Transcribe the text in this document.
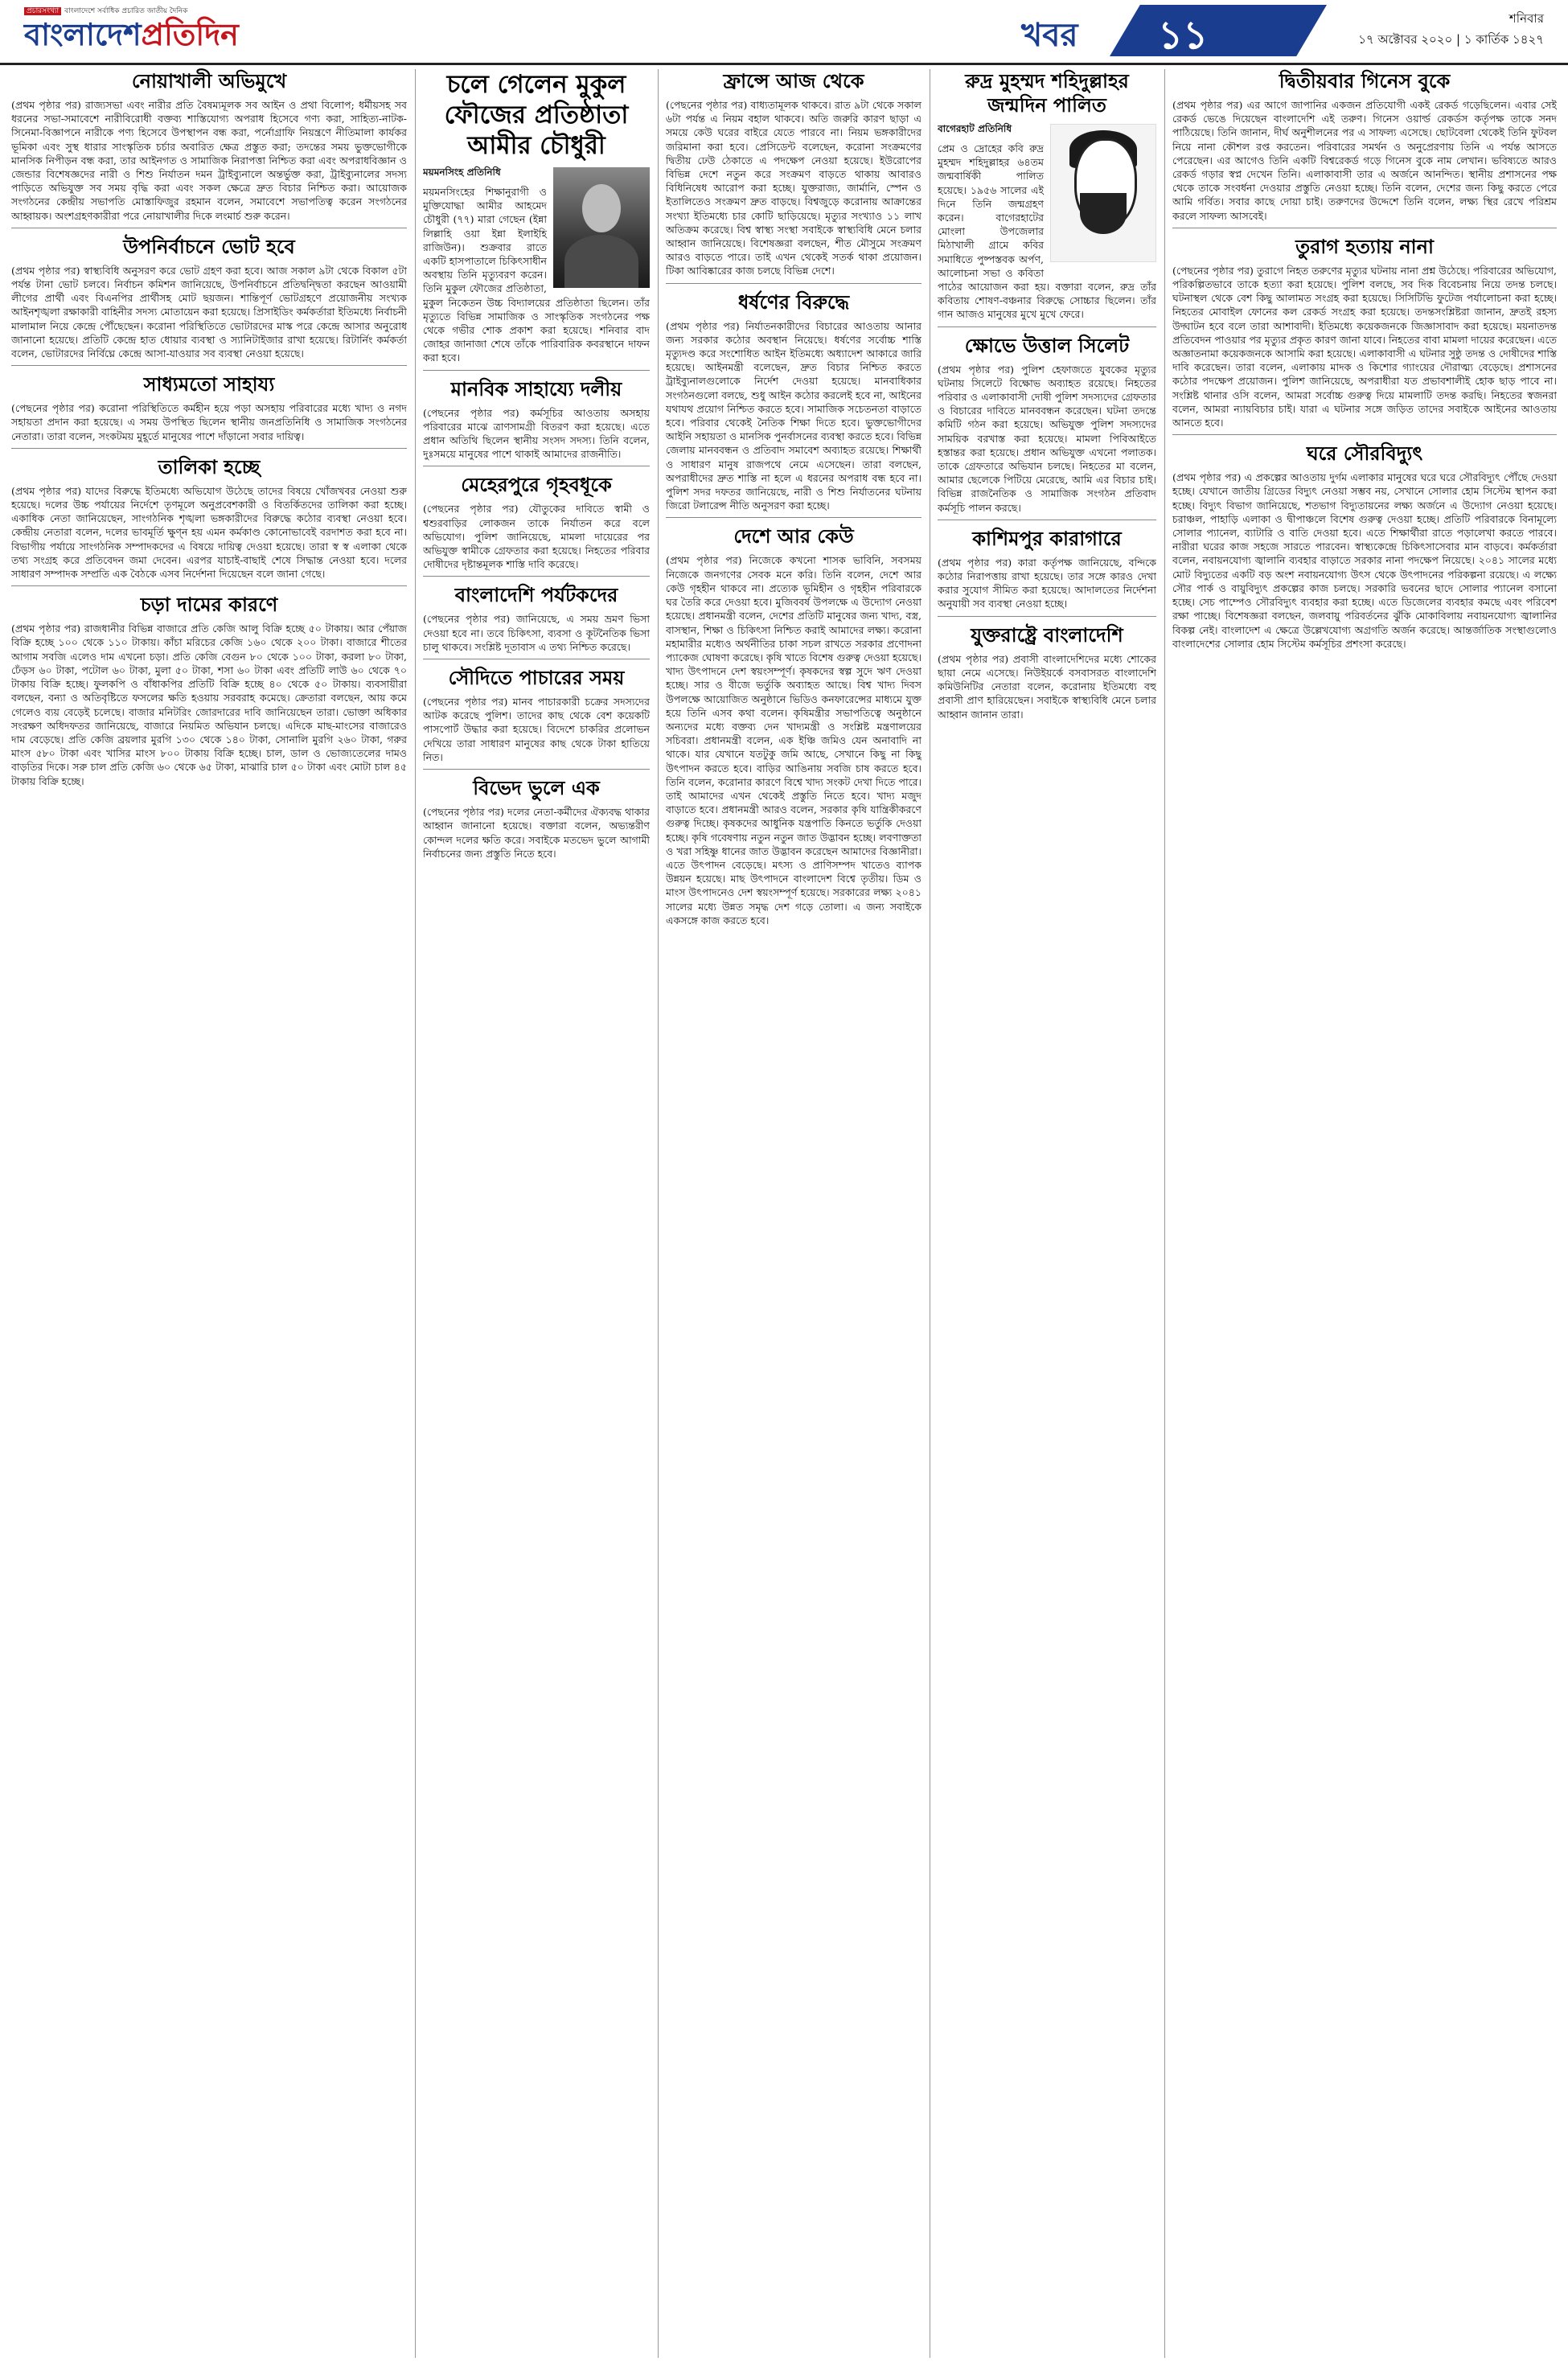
প্রচারসংখ্যা বাংলাদেশে সর্বাধিক প্রচারিত জাতীয় দৈনিক
বাংলাদেশপ্রতিদিন	খবর ১১	শনিবার
১৭ অক্টোবর ২০২০ | ১ কার্তিক ১৪২৭
নোয়াখালী অভিমুখে

(প্রথম পৃষ্ঠার পর) রাজ্যসভা এবং নারীর প্রতি বৈষম্যমূলক সব আইন ও প্রথা বিলোপ; ধর্মীয়সহ সব ধরনের সভা-সমাবেশে নারীবিরোধী বক্তব্য শাস্তিযোগ্য অপরাধ হিসেবে গণ্য করা, সাহিত্য-নাটক-সিনেমা-বিজ্ঞাপনে নারীকে পণ্য হিসেবে উপস্থাপন বন্ধ করা, পর্নোগ্রাফি নিয়ন্ত্রণে নীতিমালা কার্যকর ভূমিকা এবং সুস্থ ধারার সাংস্কৃতিক চর্চার অবারিত ক্ষেত্র প্রস্তুত করা; তদন্তের সময় ভুক্তভোগীকে মানসিক নিপীড়ন বন্ধ করা, তার আইনগত ও সামাজিক নিরাপত্তা নিশ্চিত করা এবং অপরাধবিজ্ঞান ও জেন্ডার বিশেষজ্ঞদের নারী ও শিশু নির্যাতন দমন ট্রাইব্যুনালে অন্তর্ভুক্ত করা, ট্রাইব্যুনালের সদস্য পাড়িতে অভিযুক্ত সব সময় বৃদ্ধি করা এবং সকল ক্ষেত্রে দ্রুত বিচার নিশ্চিত করা। আয়োজক সংগঠনের কেন্দ্রীয় সভাপতি মোস্তাফিজুর রহমান বলেন, সমাবেশে সভাপতিত্ব করেন সংগঠনের আহ্বায়ক। অংশগ্রহণকারীরা পরে নোয়াখালীর দিকে লংমার্চ শুরু করেন।

উপনির্বাচনে ভোট হবে

(প্রথম পৃষ্ঠার পর) স্বাস্থ্যবিধি অনুসরণ করে ভোট গ্রহণ করা হবে। আজ সকাল ৯টা থেকে বিকাল ৫টা পর্যন্ত টানা ভোট চলবে। নির্বাচন কমিশন জানিয়েছে, উপনির্বাচনে প্রতিদ্বন্দ্বিতা করছেন আওয়ামী লীগের প্রার্থী এবং বিএনপির প্রার্থীসহ মোট ছয়জন। শান্তিপূর্ণ ভোটগ্রহণে প্রয়োজনীয় সংখ্যক আইনশৃঙ্খলা রক্ষাকারী বাহিনীর সদস্য মোতায়েন করা হয়েছে। প্রিসাইডিং কর্মকর্তারা ইতিমধ্যে নির্বাচনী মালামাল নিয়ে কেন্দ্রে পৌঁছেছেন। করোনা পরিস্থিতিতে ভোটারদের মাস্ক পরে কেন্দ্রে আসার অনুরোধ জানানো হয়েছে। প্রতিটি কেন্দ্রে হাত ধোয়ার ব্যবস্থা ও স্যানিটাইজার রাখা হয়েছে। রিটার্নিং কর্মকর্তা বলেন, ভোটারদের নির্বিঘ্নে কেন্দ্রে আসা-যাওয়ার সব ব্যবস্থা নেওয়া হয়েছে।

সাধ্যমতো সাহায্য

(পেছনের পৃষ্ঠার পর) করোনা পরিস্থিতিতে কর্মহীন হয়ে পড়া অসহায় পরিবারের মধ্যে খাদ্য ও নগদ সহায়তা প্রদান করা হয়েছে। এ সময় উপস্থিত ছিলেন স্থানীয় জনপ্রতিনিধি ও সামাজিক সংগঠনের নেতারা। তারা বলেন, সংকটময় মুহূর্তে মানুষের পাশে দাঁড়ানো সবার দায়িত্ব।

তালিকা হচ্ছে

(প্রথম পৃষ্ঠার পর) যাদের বিরুদ্ধে ইতিমধ্যে অভিযোগ উঠেছে তাদের বিষয়ে খোঁজখবর নেওয়া শুরু হয়েছে। দলের উচ্চ পর্যায়ের নির্দেশে তৃণমূলে অনুপ্রবেশকারী ও বিতর্কিতদের তালিকা করা হচ্ছে। একাধিক নেতা জানিয়েছেন, সাংগঠনিক শৃঙ্খলা ভঙ্গকারীদের বিরুদ্ধে কঠোর ব্যবস্থা নেওয়া হবে। কেন্দ্রীয় নেতারা বলেন, দলের ভাবমূর্তি ক্ষুণ্ন হয় এমন কর্মকাণ্ড কোনোভাবেই বরদাশত করা হবে না। বিভাগীয় পর্যায়ে সাংগঠনিক সম্পাদকদের এ বিষয়ে দায়িত্ব দেওয়া হয়েছে। তারা স্ব স্ব এলাকা থেকে তথ্য সংগ্রহ করে প্রতিবেদন জমা দেবেন। এরপর যাচাই-বাছাই শেষে সিদ্ধান্ত নেওয়া হবে। দলের সাধারণ সম্পাদক সম্প্রতি এক বৈঠকে এসব নির্দেশনা দিয়েছেন বলে জানা গেছে।

চড়া দামের কারণে

(প্রথম পৃষ্ঠার পর) রাজধানীর বিভিন্ন বাজারে প্রতি কেজি আলু বিক্রি হচ্ছে ৫০ টাকায়। আর পেঁয়াজ বিক্রি হচ্ছে ১০০ থেকে ১১০ টাকায়। কাঁচা মরিচের কেজি ১৬০ থেকে ২০০ টাকা। বাজারে শীতের আগাম সবজি এলেও দাম এখনো চড়া। প্রতি কেজি বেগুন ৮০ থেকে ১০০ টাকা, করলা ৮০ টাকা, ঢেঁড়স ৬০ টাকা, পটোল ৬০ টাকা, মুলা ৫০ টাকা, শসা ৬০ টাকা এবং প্রতিটি লাউ ৬০ থেকে ৭০ টাকায় বিক্রি হচ্ছে। ফুলকপি ও বাঁধাকপির প্রতিটি বিক্রি হচ্ছে ৪০ থেকে ৫০ টাকায়। ব্যবসায়ীরা বলছেন, বন্যা ও অতিবৃষ্টিতে ফসলের ক্ষতি হওয়ায় সরবরাহ কমেছে। ক্রেতারা বলছেন, আয় কমে গেলেও ব্যয় বেড়েই চলেছে। বাজার মনিটরিং জোরদারের দাবি জানিয়েছেন তারা। ভোক্তা অধিকার সংরক্ষণ অধিদফতর জানিয়েছে, বাজারে নিয়মিত অভিযান চলছে। এদিকে মাছ-মাংসের বাজারেও দাম বেড়েছে। প্রতি কেজি ব্রয়লার মুরগি ১৩০ থেকে ১৪০ টাকা, সোনালি মুরগি ২৬০ টাকা, গরুর মাংস ৫৮০ টাকা এবং খাসির মাংস ৮০০ টাকায় বিক্রি হচ্ছে। চাল, ডাল ও ভোজ্যতেলের দামও বাড়তির দিকে। সরু চাল প্রতি কেজি ৬০ থেকে ৬৫ টাকা, মাঝারি চাল ৫০ টাকা এবং মোটা চাল ৪৫ টাকায় বিক্রি হচ্ছে।

চলে গেলেন মুকুল ফৌজের প্রতিষ্ঠাতা আমীর চৌধুরী
ময়মনসিংহ প্রতিনিধি

ময়মনসিংহের শিক্ষানুরাগী ও মুক্তিযোদ্ধা আমীর আহমেদ চৌধুরী (৭৭) মারা গেছেন (ইন্না লিল্লাহি ওয়া ইন্না ইলাইহি রাজিউন)। শুক্রবার রাতে একটি হাসপাতালে চিকিৎসাধীন অবস্থায় তিনি মৃত্যুবরণ করেন। তিনি মুকুল ফৌজের প্রতিষ্ঠাতা, মুকুল নিকেতন উচ্চ বিদ্যালয়ের প্রতিষ্ঠাতা ছিলেন। তাঁর মৃত্যুতে বিভিন্ন সামাজিক ও সাংস্কৃতিক সংগঠনের পক্ষ থেকে গভীর শোক প্রকাশ করা হয়েছে। শনিবার বাদ জোহর জানাজা শেষে তাঁকে পারিবারিক কবরস্থানে দাফন করা হবে।

মানবিক সাহায্যে দলীয়

(পেছনের পৃষ্ঠার পর) কর্মসূচির আওতায় অসহায় পরিবারের মাঝে ত্রাণসামগ্রী বিতরণ করা হয়েছে। এতে প্রধান অতিথি ছিলেন স্থানীয় সংসদ সদস্য। তিনি বলেন, দুঃসময়ে মানুষের পাশে থাকাই আমাদের রাজনীতি।

মেহেরপুরে গৃহবধূকে

(পেছনের পৃষ্ঠার পর) যৌতুকের দাবিতে স্বামী ও শ্বশুরবাড়ির লোকজন তাকে নির্যাতন করে বলে অভিযোগ। পুলিশ জানিয়েছে, মামলা দায়েরের পর অভিযুক্ত স্বামীকে গ্রেফতার করা হয়েছে। নিহতের পরিবার দোষীদের দৃষ্টান্তমূলক শাস্তি দাবি করেছে।

বাংলাদেশি পর্যটকদের

(পেছনের পৃষ্ঠার পর) জানিয়েছে, এ সময় ভ্রমণ ভিসা দেওয়া হবে না। তবে চিকিৎসা, ব্যবসা ও কূটনৈতিক ভিসা চালু থাকবে। সংশ্লিষ্ট দূতাবাস এ তথ্য নিশ্চিত করেছে।

সৌদিতে পাচারের সময়

(পেছনের পৃষ্ঠার পর) মানব পাচারকারী চক্রের সদস্যদের আটক করেছে পুলিশ। তাদের কাছ থেকে বেশ কয়েকটি পাসপোর্ট উদ্ধার করা হয়েছে। বিদেশে চাকরির প্রলোভন দেখিয়ে তারা সাধারণ মানুষের কাছ থেকে টাকা হাতিয়ে নিত।

বিভেদ ভুলে এক

(পেছনের পৃষ্ঠার পর) দলের নেতা-কর্মীদের ঐক্যবদ্ধ থাকার আহ্বান জানানো হয়েছে। বক্তারা বলেন, অভ্যন্তরীণ কোন্দল দলের ক্ষতি করে। সবাইকে মতভেদ ভুলে আগামী নির্বাচনের জন্য প্রস্তুতি নিতে হবে।

ফ্রান্সে আজ থেকে

(পেছনের পৃষ্ঠার পর) বাধ্যতামূলক থাকবে। রাত ৯টা থেকে সকাল ৬টা পর্যন্ত এ নিয়ম বহাল থাকবে। অতি জরুরি কারণ ছাড়া এ সময়ে কেউ ঘরের বাইরে যেতে পারবে না। নিয়ম ভঙ্গকারীদের জরিমানা করা হবে। প্রেসিডেন্ট বলেছেন, করোনা সংক্রমণের দ্বিতীয় ঢেউ ঠেকাতে এ পদক্ষেপ নেওয়া হয়েছে। ইউরোপের বিভিন্ন দেশে নতুন করে সংক্রমণ বাড়তে থাকায় আবারও বিধিনিষেধ আরোপ করা হচ্ছে। যুক্তরাজ্য, জার্মানি, স্পেন ও ইতালিতেও সংক্রমণ দ্রুত বাড়ছে। বিশ্বজুড়ে করোনায় আক্রান্তের সংখ্যা ইতিমধ্যে চার কোটি ছাড়িয়েছে। মৃত্যুর সংখ্যাও ১১ লাখ অতিক্রম করেছে। বিশ্ব স্বাস্থ্য সংস্থা সবাইকে স্বাস্থ্যবিধি মেনে চলার আহ্বান জানিয়েছে। বিশেষজ্ঞরা বলছেন, শীত মৌসুমে সংক্রমণ আরও বাড়তে পারে। তাই এখন থেকেই সতর্ক থাকা প্রয়োজন। টিকা আবিষ্কারের কাজ চলছে বিভিন্ন দেশে।

ধর্ষণের বিরুদ্ধে

(প্রথম পৃষ্ঠার পর) নির্যাতনকারীদের বিচারের আওতায় আনার জন্য সরকার কঠোর অবস্থান নিয়েছে। ধর্ষণের সর্বোচ্চ শাস্তি মৃত্যুদণ্ড করে সংশোধিত আইন ইতিমধ্যে অধ্যাদেশ আকারে জারি হয়েছে। আইনমন্ত্রী বলেছেন, দ্রুত বিচার নিশ্চিত করতে ট্রাইব্যুনালগুলোকে নির্দেশ দেওয়া হয়েছে। মানবাধিকার সংগঠনগুলো বলছে, শুধু আইন কঠোর করলেই হবে না, আইনের যথাযথ প্রয়োগ নিশ্চিত করতে হবে। সামাজিক সচেতনতা বাড়াতে হবে। পরিবার থেকেই নৈতিক শিক্ষা দিতে হবে। ভুক্তভোগীদের আইনি সহায়তা ও মানসিক পুনর্বাসনের ব্যবস্থা করতে হবে। বিভিন্ন জেলায় মানববন্ধন ও প্রতিবাদ সমাবেশ অব্যাহত রয়েছে। শিক্ষার্থী ও সাধারণ মানুষ রাজপথে নেমে এসেছেন। তারা বলছেন, অপরাধীদের দ্রুত শাস্তি না হলে এ ধরনের অপরাধ বন্ধ হবে না। পুলিশ সদর দফতর জানিয়েছে, নারী ও শিশু নির্যাতনের ঘটনায় জিরো টলারেন্স নীতি অনুসরণ করা হচ্ছে।

দেশে আর কেউ

(প্রথম পৃষ্ঠার পর) নিজেকে কখনো শাসক ভাবিনি, সবসময় নিজেকে জনগণের সেবক মনে করি। তিনি বলেন, দেশে আর কেউ গৃহহীন থাকবে না। প্রত্যেক ভূমিহীন ও গৃহহীন পরিবারকে ঘর তৈরি করে দেওয়া হবে। মুজিববর্ষ উপলক্ষে এ উদ্যোগ নেওয়া হয়েছে। প্রধানমন্ত্রী বলেন, দেশের প্রতিটি মানুষের জন্য খাদ্য, বস্ত্র, বাসস্থান, শিক্ষা ও চিকিৎসা নিশ্চিত করাই আমাদের লক্ষ্য। করোনা মহামারীর মধ্যেও অর্থনীতির চাকা সচল রাখতে সরকার প্রণোদনা প্যাকেজ ঘোষণা করেছে। কৃষি খাতে বিশেষ গুরুত্ব দেওয়া হয়েছে। খাদ্য উৎপাদনে দেশ স্বয়ংসম্পূর্ণ। কৃষকদের স্বল্প সুদে ঋণ দেওয়া হচ্ছে। সার ও বীজে ভর্তুকি অব্যাহত আছে। বিশ্ব খাদ্য দিবস উপলক্ষে আয়োজিত অনুষ্ঠানে ভিডিও কনফারেন্সের মাধ্যমে যুক্ত হয়ে তিনি এসব কথা বলেন। কৃষিমন্ত্রীর সভাপতিত্বে অনুষ্ঠানে অন্যদের মধ্যে বক্তব্য দেন খাদ্যমন্ত্রী ও সংশ্লিষ্ট মন্ত্রণালয়ের সচিবরা। প্রধানমন্ত্রী বলেন, এক ইঞ্চি জমিও যেন অনাবাদি না থাকে। যার যেখানে যতটুকু জমি আছে, সেখানে কিছু না কিছু উৎপাদন করতে হবে। বাড়ির আঙিনায় সবজি চাষ করতে হবে। তিনি বলেন, করোনার কারণে বিশ্বে খাদ্য সংকট দেখা দিতে পারে। তাই আমাদের এখন থেকেই প্রস্তুতি নিতে হবে। খাদ্য মজুদ বাড়াতে হবে। প্রধানমন্ত্রী আরও বলেন, সরকার কৃষি যান্ত্রিকীকরণে গুরুত্ব দিচ্ছে। কৃষকদের আধুনিক যন্ত্রপাতি কিনতে ভর্তুকি দেওয়া হচ্ছে। কৃষি গবেষণায় নতুন নতুন জাত উদ্ভাবন হচ্ছে। লবণাক্ততা ও খরা সহিষ্ণু ধানের জাত উদ্ভাবন করেছেন আমাদের বিজ্ঞানীরা। এতে উৎপাদন বেড়েছে। মৎস্য ও প্রাণিসম্পদ খাতেও ব্যাপক উন্নয়ন হয়েছে। মাছ উৎপাদনে বাংলাদেশ বিশ্বে তৃতীয়। ডিম ও মাংস উৎপাদনেও দেশ স্বয়ংসম্পূর্ণ হয়েছে। সরকারের লক্ষ্য ২০৪১ সালের মধ্যে উন্নত সমৃদ্ধ দেশ গড়ে তোলা। এ জন্য সবাইকে একসঙ্গে কাজ করতে হবে।

রুদ্র মুহম্মদ শহিদুল্লাহর জন্মদিন পালিত
বাগেরহাট প্রতিনিধি

প্রেম ও দ্রোহের কবি রুদ্র মুহম্মদ শহিদুল্লাহর ৬৪তম জন্মবার্ষিকী পালিত হয়েছে। ১৯৫৬ সালের এই দিনে তিনি জন্মগ্রহণ করেন। বাগেরহাটের মোংলা উপজেলার মিঠাখালী গ্রামে কবির সমাধিতে পুষ্পস্তবক অর্পণ, আলোচনা সভা ও কবিতা পাঠের আয়োজন করা হয়। বক্তারা বলেন, রুদ্র তাঁর কবিতায় শোষণ-বঞ্চনার বিরুদ্ধে সোচ্চার ছিলেন। তাঁর গান আজও মানুষের মুখে মুখে ফেরে।

ক্ষোভে উত্তাল সিলেট

(প্রথম পৃষ্ঠার পর) পুলিশ হেফাজতে যুবকের মৃত্যুর ঘটনায় সিলেটে বিক্ষোভ অব্যাহত রয়েছে। নিহতের পরিবার ও এলাকাবাসী দোষী পুলিশ সদস্যদের গ্রেফতার ও বিচারের দাবিতে মানববন্ধন করেছেন। ঘটনা তদন্তে কমিটি গঠন করা হয়েছে। অভিযুক্ত পুলিশ সদস্যদের সাময়িক বরখাস্ত করা হয়েছে। মামলা পিবিআইতে হস্তান্তর করা হয়েছে। প্রধান অভিযুক্ত এখনো পলাতক। তাকে গ্রেফতারে অভিযান চলছে। নিহতের মা বলেন, আমার ছেলেকে পিটিয়ে মেরেছে, আমি এর বিচার চাই। বিভিন্ন রাজনৈতিক ও সামাজিক সংগঠন প্রতিবাদ কর্মসূচি পালন করছে।

কাশিমপুর কারাগারে

(প্রথম পৃষ্ঠার পর) কারা কর্তৃপক্ষ জানিয়েছে, বন্দিকে কঠোর নিরাপত্তায় রাখা হয়েছে। তার সঙ্গে কারও দেখা করার সুযোগ সীমিত করা হয়েছে। আদালতের নির্দেশনা অনুযায়ী সব ব্যবস্থা নেওয়া হচ্ছে।

যুক্তরাষ্ট্রে বাংলাদেশি

(প্রথম পৃষ্ঠার পর) প্রবাসী বাংলাদেশিদের মধ্যে শোকের ছায়া নেমে এসেছে। নিউইয়র্কে বসবাসরত বাংলাদেশি কমিউনিটির নেতারা বলেন, করোনায় ইতিমধ্যে বহু প্রবাসী প্রাণ হারিয়েছেন। সবাইকে স্বাস্থ্যবিধি মেনে চলার আহ্বান জানান তারা।

দ্বিতীয়বার গিনেস বুকে

(প্রথম পৃষ্ঠার পর) এর আগে জাপানির একজন প্রতিযোগী একই রেকর্ড গড়েছিলেন। এবার সেই রেকর্ড ভেঙে দিয়েছেন বাংলাদেশি এই তরুণ। গিনেস ওয়ার্ল্ড রেকর্ডস কর্তৃপক্ষ তাকে সনদ পাঠিয়েছে। তিনি জানান, দীর্ঘ অনুশীলনের পর এ সাফল্য এসেছে। ছোটবেলা থেকেই তিনি ফুটবল নিয়ে নানা কৌশল রপ্ত করতেন। পরিবারের সমর্থন ও অনুপ্রেরণায় তিনি এ পর্যন্ত আসতে পেরেছেন। এর আগেও তিনি একটি বিশ্বরেকর্ড গড়ে গিনেস বুকে নাম লেখান। ভবিষ্যতে আরও রেকর্ড গড়ার স্বপ্ন দেখেন তিনি। এলাকাবাসী তার এ অর্জনে আনন্দিত। স্থানীয় প্রশাসনের পক্ষ থেকে তাকে সংবর্ধনা দেওয়ার প্রস্তুতি নেওয়া হচ্ছে। তিনি বলেন, দেশের জন্য কিছু করতে পেরে আমি গর্বিত। সবার কাছে দোয়া চাই। তরুণদের উদ্দেশে তিনি বলেন, লক্ষ্য স্থির রেখে পরিশ্রম করলে সাফল্য আসবেই।

তুরাগ হত্যায় নানা

(পেছনের পৃষ্ঠার পর) তুরাগে নিহত তরুণের মৃত্যুর ঘটনায় নানা প্রশ্ন উঠেছে। পরিবারের অভিযোগ, পরিকল্পিতভাবে তাকে হত্যা করা হয়েছে। পুলিশ বলছে, সব দিক বিবেচনায় নিয়ে তদন্ত চলছে। ঘটনাস্থল থেকে বেশ কিছু আলামত সংগ্রহ করা হয়েছে। সিসিটিভি ফুটেজ পর্যালোচনা করা হচ্ছে। নিহতের মোবাইল ফোনের কল রেকর্ড সংগ্রহ করা হয়েছে। তদন্তসংশ্লিষ্টরা জানান, দ্রুতই রহস্য উদ্ঘাটন হবে বলে তারা আশাবাদী। ইতিমধ্যে কয়েকজনকে জিজ্ঞাসাবাদ করা হয়েছে। ময়নাতদন্ত প্রতিবেদন পাওয়ার পর মৃত্যুর প্রকৃত কারণ জানা যাবে। নিহতের বাবা মামলা দায়ের করেছেন। এতে অজ্ঞাতনামা কয়েকজনকে আসামি করা হয়েছে। এলাকাবাসী এ ঘটনার সুষ্ঠু তদন্ত ও দোষীদের শাস্তি দাবি করেছেন। তারা বলেন, এলাকায় মাদক ও কিশোর গ্যাংয়ের দৌরাত্ম্য বেড়েছে। প্রশাসনের কঠোর পদক্ষেপ প্রয়োজন। পুলিশ জানিয়েছে, অপরাধীরা যত প্রভাবশালীই হোক ছাড় পাবে না। সংশ্লিষ্ট থানার ওসি বলেন, আমরা সর্বোচ্চ গুরুত্ব দিয়ে মামলাটি তদন্ত করছি। নিহতের স্বজনরা বলেন, আমরা ন্যায়বিচার চাই। যারা এ ঘটনার সঙ্গে জড়িত তাদের সবাইকে আইনের আওতায় আনতে হবে।

ঘরে সৌরবিদ্যুৎ

(প্রথম পৃষ্ঠার পর) এ প্রকল্পের আওতায় দুর্গম এলাকার মানুষের ঘরে ঘরে সৌরবিদ্যুৎ পৌঁছে দেওয়া হচ্ছে। যেখানে জাতীয় গ্রিডের বিদ্যুৎ নেওয়া সম্ভব নয়, সেখানে সোলার হোম সিস্টেম স্থাপন করা হচ্ছে। বিদ্যুৎ বিভাগ জানিয়েছে, শতভাগ বিদ্যুতায়নের লক্ষ্য অর্জনে এ উদ্যোগ নেওয়া হয়েছে। চরাঞ্চল, পাহাড়ি এলাকা ও দ্বীপাঞ্চলে বিশেষ গুরুত্ব দেওয়া হচ্ছে। প্রতিটি পরিবারকে বিনামূল্যে সোলার প্যানেল, ব্যাটারি ও বাতি দেওয়া হবে। এতে শিক্ষার্থীরা রাতে পড়ালেখা করতে পারবে। নারীরা ঘরের কাজ সহজে সারতে পারবেন। স্বাস্থ্যকেন্দ্রে চিকিৎসাসেবার মান বাড়বে। কর্মকর্তারা বলেন, নবায়নযোগ্য জ্বালানি ব্যবহার বাড়াতে সরকার নানা পদক্ষেপ নিয়েছে। ২০৪১ সালের মধ্যে মোট বিদ্যুতের একটি বড় অংশ নবায়নযোগ্য উৎস থেকে উৎপাদনের পরিকল্পনা রয়েছে। এ লক্ষ্যে সৌর পার্ক ও বায়ুবিদ্যুৎ প্রকল্পের কাজ চলছে। সরকারি ভবনের ছাদে সোলার প্যানেল বসানো হচ্ছে। সেচ পাম্পেও সৌরবিদ্যুৎ ব্যবহার করা হচ্ছে। এতে ডিজেলের ব্যবহার কমছে এবং পরিবেশ রক্ষা পাচ্ছে। বিশেষজ্ঞরা বলছেন, জলবায়ু পরিবর্তনের ঝুঁকি মোকাবিলায় নবায়নযোগ্য জ্বালানির বিকল্প নেই। বাংলাদেশ এ ক্ষেত্রে উল্লেখযোগ্য অগ্রগতি অর্জন করেছে। আন্তর্জাতিক সংস্থাগুলোও বাংলাদেশের সোলার হোম সিস্টেম কর্মসূচির প্রশংসা করেছে।
